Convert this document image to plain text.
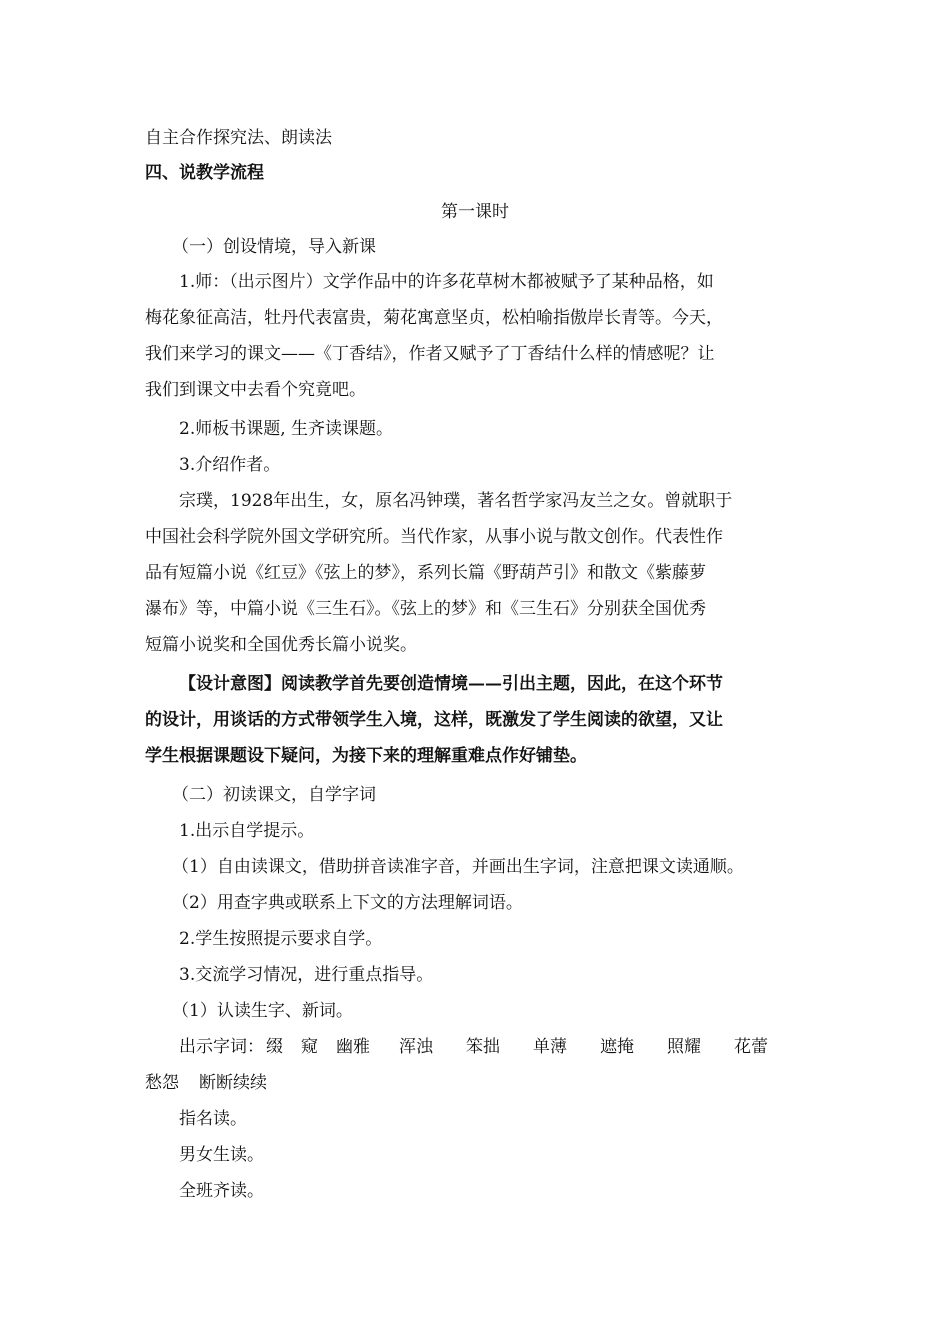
自主合作探究法、朗读法
四、说教学流程
第一课时
（一）创设情境，导入新课
1.师：（出示图片）文学作品中的许多花草树木都被赋予了某种品格，如
梅花象征高洁，牡丹代表富贵，菊花寓意坚贞，松柏喻指傲岸长青等。今天，
我们来学习的课文——《丁香结》，作者又赋予了丁香结什么样的情感呢？让
我们到课文中去看个究竟吧。
2.师板书课题, 生齐读课题。
3.介绍作者。
宗璞，1928年出生，女，原名冯钟璞，著名哲学家冯友兰之女。曾就职于
中国社会科学院外国文学研究所。当代作家，从事小说与散文创作。代表性作
品有短篇小说《红豆》《弦上的梦》，系列长篇《野葫芦引》和散文《紫藤萝
瀑布》等，中篇小说《三生石》。《弦上的梦》和《三生石》分别获全国优秀
短篇小说奖和全国优秀长篇小说奖。
【设计意图】阅读教学首先要创造情境——引出主题，因此，在这个环节
的设计，用谈话的方式带领学生入境，这样，既激发了学生阅读的欲望，又让
学生根据课题设下疑问，为接下来的理解重难点作好铺垫。
（二）初读课文，自学字词
1.出示自学提示。
（1）自由读课文，借助拼音读准字音，并画出生字词，注意把课文读通顺。
（2）用查字典或联系上下文的方法理解词语。
2.学生按照提示要求自学。
3.交流学习情况，进行重点指导。
（1）认读生字、新词。
出示字词： 缀 窥 幽雅 浑浊 笨拙 单薄 遮掩 照耀 花蕾
愁怨 断断续续
指名读。
男女生读。
全班齐读。
